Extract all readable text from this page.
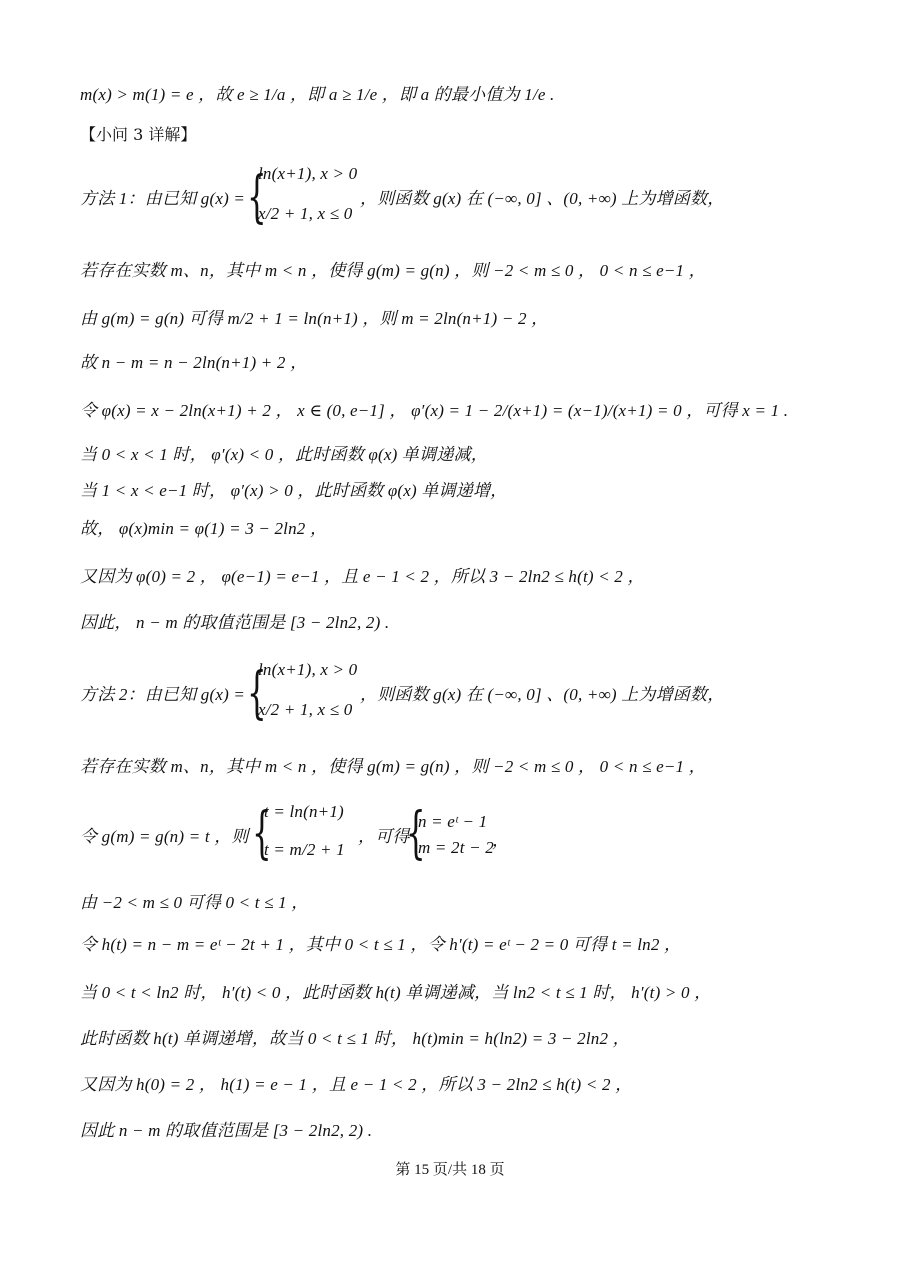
m(x) > m(1) = e ，故 e ≥ 1/a ，即 a ≥ 1/e ，即 a 的最小值为 1/e .
【小问 3 详解】
方法 1：由已知 g(x) = {
ln(x+1), x > 0
x/2 + 1, x ≤ 0
，则函数 g(x) 在 (−∞, 0] 、(0, +∞) 上为增函数，
若存在实数 m、n，其中 m < n ，使得 g(m) = g(n) ，则 −2 < m ≤ 0 ， 0 < n ≤ e−1 ，
由 g(m) = g(n) 可得 m/2 + 1 = ln(n+1) ，则 m = 2ln(n+1) − 2 ，
故 n − m = n − 2ln(n+1) + 2 ，
令 φ(x) = x − 2ln(x+1) + 2 ， x ∈ (0, e−1] ， φ′(x) = 1 − 2/(x+1) = (x−1)/(x+1) = 0 ，可得 x = 1 .
当 0 < x < 1 时， φ′(x) < 0 ，此时函数 φ(x) 单调递减，
当 1 < x < e−1 时， φ′(x) > 0 ，此时函数 φ(x) 单调递增，
故， φ(x)min = φ(1) = 3 − 2ln2 ，
又因为 φ(0) = 2 ， φ(e−1) = e−1 ，且 e − 1 < 2 ，所以 3 − 2ln2 ≤ h(t) < 2 ，
因此， n − m 的取值范围是 [3 − 2ln2, 2) .
方法 2：由已知 g(x) = {
ln(x+1), x > 0
x/2 + 1, x ≤ 0
，则函数 g(x) 在 (−∞, 0] 、(0, +∞) 上为增函数，
若存在实数 m、n，其中 m < n ，使得 g(m) = g(n) ，则 −2 < m ≤ 0 ， 0 < n ≤ e−1 ，
令 g(m) = g(n) = t ，则 {
t = ln(n+1)
t = m/2 + 1
，可得
{
n = eᵗ − 1
m = 2t − 2
，
由 −2 < m ≤ 0 可得 0 < t ≤ 1 ，
令 h(t) = n − m = eᵗ − 2t + 1 ，其中 0 < t ≤ 1 ，令 h′(t) = eᵗ − 2 = 0 可得 t = ln2 ，
当 0 < t < ln2 时， h′(t) < 0 ，此时函数 h(t) 单调递减，当 ln2 < t ≤ 1 时， h′(t) > 0 ，
此时函数 h(t) 单调递增，故当 0 < t ≤ 1 时， h(t)min = h(ln2) = 3 − 2ln2 ，
又因为 h(0) = 2 ， h(1) = e − 1 ，且 e − 1 < 2 ，所以 3 − 2ln2 ≤ h(t) < 2 ，
因此 n − m 的取值范围是 [3 − 2ln2, 2) .
第 15 页/共 18 页
